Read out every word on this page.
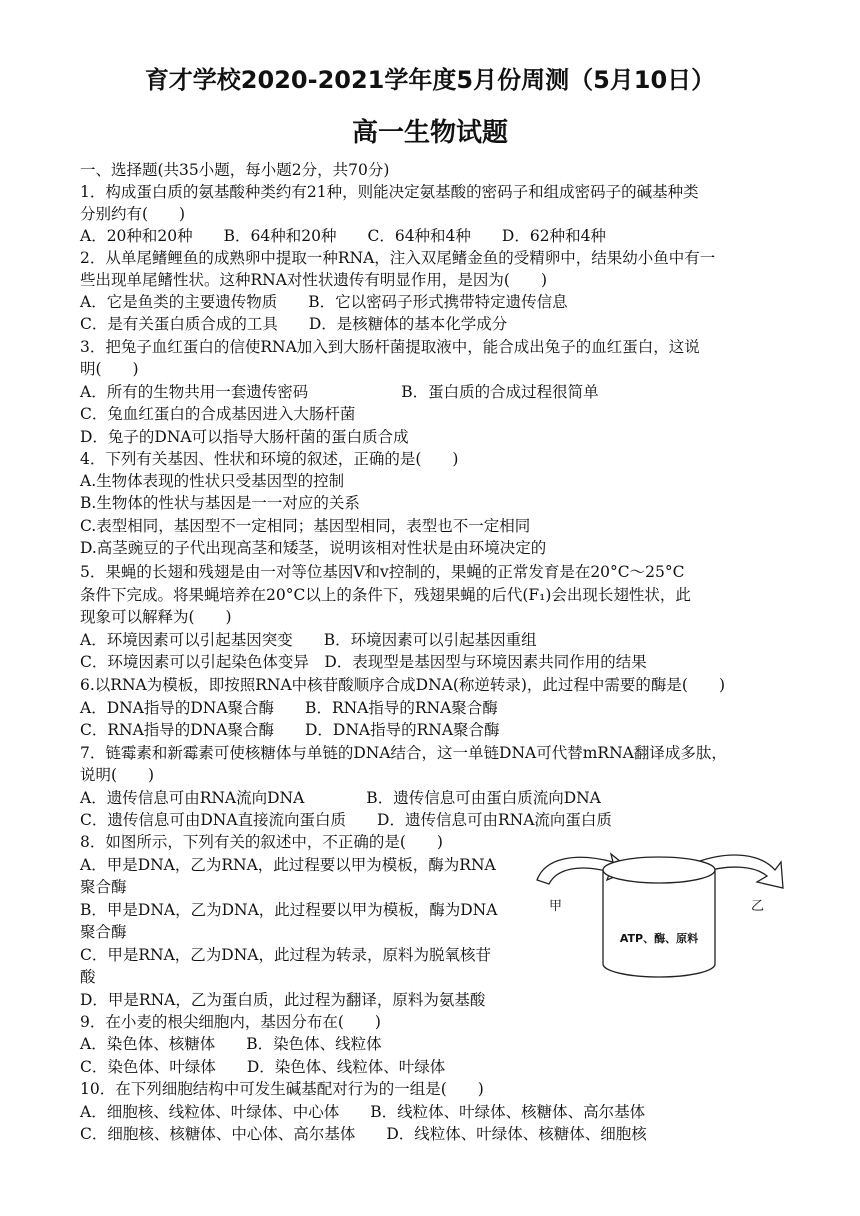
育才学校2020-2021学年度5月份周测（5月10日）
高一生物试题
一、选择题(共35小题，每小题2分，共70分)
1．构成蛋白质的氨基酸种类约有21种，则能决定氨基酸的密码子和组成密码子的碱基种类
分别约有(　　)
A．20种和20种　　B．64种和20种　　C．64种和4种　　D．62种和4种
2．从单尾鳍鲤鱼的成熟卵中提取一种RNA，注入双尾鳍金鱼的受精卵中，结果幼小鱼中有一
些出现单尾鳍性状。这种RNA对性状遗传有明显作用，是因为(　　)
A．它是鱼类的主要遗传物质　　B．它以密码子形式携带特定遗传信息
C．是有关蛋白质合成的工具　　D．是核糖体的基本化学成分
3．把兔子血红蛋白的信使RNA加入到大肠杆菌提取液中，能合成出兔子的血红蛋白，这说
明(　　)
A．所有的生物共用一套遗传密码　　　　　　B．蛋白质的合成过程很简单
C．兔血红蛋白的合成基因进入大肠杆菌
D．兔子的DNA可以指导大肠杆菌的蛋白质合成
4．下列有关基因、性状和环境的叙述，正确的是(　　)
A.生物体表现的性状只受基因型的控制
B.生物体的性状与基因是一一对应的关系
C.表型相同，基因型不一定相同；基因型相同，表型也不一定相同
D.高茎豌豆的子代出现高茎和矮茎，说明该相对性状是由环境决定的
5．果蝇的长翅和残翅是由一对等位基因V和v控制的，果蝇的正常发育是在20°C～25°C
条件下完成。将果蝇培养在20°C以上的条件下，残翅果蝇的后代(F₁)会出现长翅性状，此
现象可以解释为(　　)
A．环境因素可以引起基因突变　　B．环境因素可以引起基因重组
C．环境因素可以引起染色体变异　D．表现型是基因型与环境因素共同作用的结果
6.以RNA为模板，即按照RNA中核苷酸顺序合成DNA(称逆转录)，此过程中需要的酶是(　　)
A．DNA指导的DNA聚合酶　　B．RNA指导的RNA聚合酶
C．RNA指导的DNA聚合酶　　D．DNA指导的RNA聚合酶
7．链霉素和新霉素可使核糖体与单链的DNA结合，这一单链DNA可代替mRNA翻译成多肽，
说明(　　)
A．遗传信息可由RNA流向DNA　　　　B．遗传信息可由蛋白质流向DNA
C．遗传信息可由DNA直接流向蛋白质　　D．遗传信息可由RNA流向蛋白质
8．如图所示，下列有关的叙述中，不正确的是(　　)
A．甲是DNA，乙为RNA，此过程要以甲为模板，酶为RNA
聚合酶
B．甲是DNA，乙为DNA，此过程要以甲为模板，酶为DNA
聚合酶
C．甲是RNA，乙为DNA，此过程为转录，原料为脱氧核苷
酸
D．甲是RNA，乙为蛋白质，此过程为翻译，原料为氨基酸
9．在小麦的根尖细胞内，基因分布在(　　)
A．染色体、核糖体　　B．染色体、线粒体
C．染色体、叶绿体　　D．染色体、线粒体、叶绿体
10．在下列细胞结构中可发生碱基配对行为的一组是(　　)
A．细胞核、线粒体、叶绿体、中心体　　B．线粒体、叶绿体、核糖体、高尔基体
C．细胞核、核糖体、中心体、高尔基体　　D．线粒体、叶绿体、核糖体、细胞核
甲	乙
ATP、酶、原料
